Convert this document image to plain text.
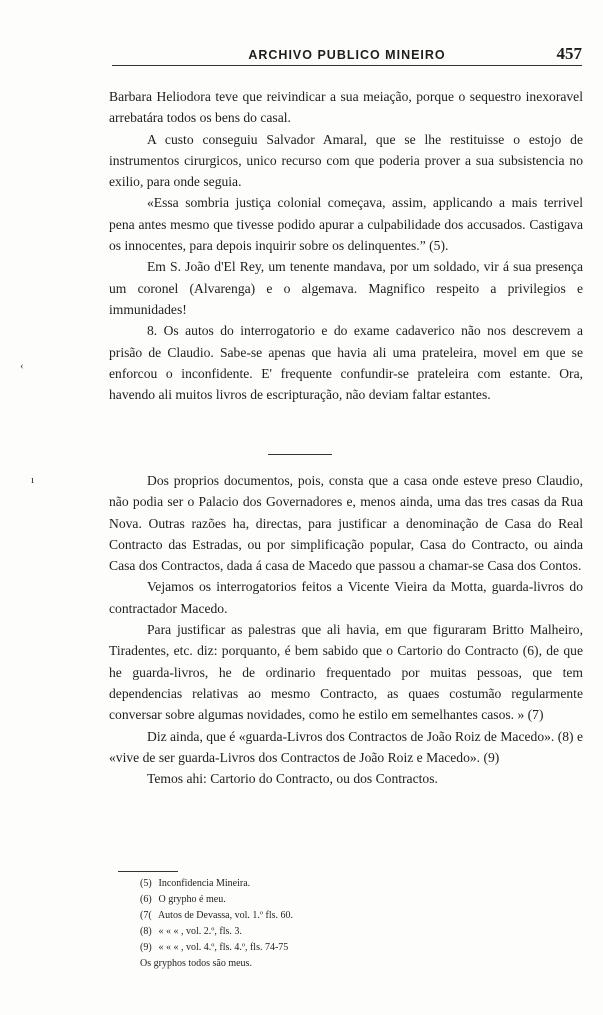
ARCHIVO PUBLICO MINEIRO	457
‹
ı

Barbara Heliodora teve que reivindicar a sua meiação, porque o sequestro inexoravel arrebatára todos os bens do casal.

A custo conseguiu Salvador Amaral, que se lhe restituisse o estojo de instrumentos cirurgicos, unico recurso com que poderia prover a sua subsistencia no exilio, para onde seguia.

«Essa sombria justiça colonial começava, assim, applicando a mais terrivel pena antes mesmo que tivesse podido apurar a culpabilidade dos accusados. Castigava os innocentes, para depois inquirir sobre os delinquentes.” (5).

Em S. João d'El Rey, um tenente mandava, por um soldado, vir á sua presença um coronel (Alvarenga) e o algemava. Magnifico respeito a privilegios e immunidades!

8. Os autos do interrogatorio e do exame cadaverico não nos descrevem a prisão de Claudio. Sabe-se apenas que havia ali uma prateleira, movel em que se enforcou o inconfidente. E' frequente confundir-se prateleira com estante. Ora, havendo ali muitos livros de escripturação, não deviam faltar estantes.

Dos proprios documentos, pois, consta que a casa onde esteve preso Claudio, não podia ser o Palacio dos Governadores e, menos ainda, uma das tres casas da Rua Nova. Outras razões ha, directas, para justificar a denominação de Casa do Real Contracto das Estradas, ou por simplificação popular, Casa do Contracto, ou ainda Casa dos Contractos, dada á casa de Macedo que passou a chamar-se Casa dos Contos.

Vejamos os interrogatorios feitos a Vicente Vieira da Motta, guarda-livros do contractador Macedo.

Para justificar as palestras que ali havia, em que figuraram Britto Malheiro, Tiradentes, etc. diz: porquanto, é bem sabido que o Cartorio do Contracto (6), de que he guarda-livros, he de ordinario frequentado por muitas pessoas, que tem dependencias relativas ao mesmo Contracto, as quaes costumão regularmente conversar sobre algumas novidades, como he estilo em semelhantes casos. » (7)

Diz ainda, que é «guarda-Livros dos Contractos de João Roiz de Macedo». (8) e «vive de ser guarda-Livros dos Contractos de João Roiz e Macedo». (9)

Temos ahi: Cartorio do Contracto, ou dos Contractos.

(5) Inconfidencia Mineira.
(6) O grypho é meu.
(7( Autos de Devassa, vol. 1.º fls. 60.
(8) « « « , vol. 2.º, fls. 3.
(9) « « « , vol. 4.º, fls. 4.º, fls. 74-75
Os gryphos todos são meus.
